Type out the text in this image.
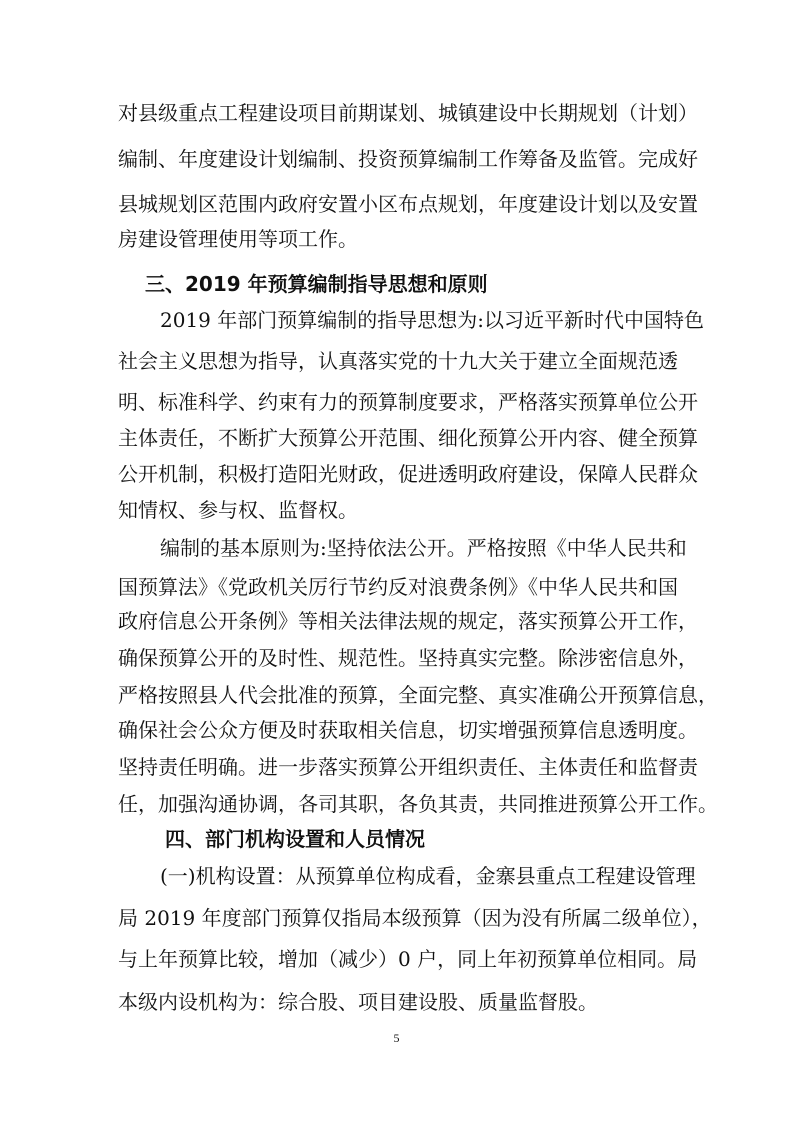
对县级重点工程建设项目前期谋划、城镇建设中长期规划（计划）
编制、年度建设计划编制、投资预算编制工作筹备及监管。完成好
县城规划区范围内政府安置小区布点规划，年度建设计划以及安置
房建设管理使用等项工作。
三、2019 年预算编制指导思想和原则
2019 年部门预算编制的指导思想为:以习近平新时代中国特色
社会主义思想为指导，认真落实党的十九大关于建立全面规范透
明、标准科学、约束有力的预算制度要求，严格落实预算单位公开
主体责任，不断扩大预算公开范围、细化预算公开内容、健全预算
公开机制，积极打造阳光财政，促进透明政府建设，保障人民群众
知情权、参与权、监督权。
编制的基本原则为:坚持依法公开。严格按照《中华人民共和
国预算法》《党政机关厉行节约反对浪费条例》《中华人民共和国
政府信息公开条例》等相关法律法规的规定，落实预算公开工作，
确保预算公开的及时性、规范性。坚持真实完整。除涉密信息外，
严格按照县人代会批准的预算，全面完整、真实准确公开预算信息，
确保社会公众方便及时获取相关信息，切实增强预算信息透明度。
坚持责任明确。进一步落实预算公开组织责任、主体责任和监督责
任，加强沟通协调，各司其职，各负其责，共同推进预算公开工作。
四、部门机构设置和人员情况
(一)机构设置：从预算单位构成看，金寨县重点工程建设管理
局 2019 年度部门预算仅指局本级预算（因为没有所属二级单位），
与上年预算比较，增加（减少）0 户，同上年初预算单位相同。局
本级内设机构为：综合股、项目建设股、质量监督股。
5
